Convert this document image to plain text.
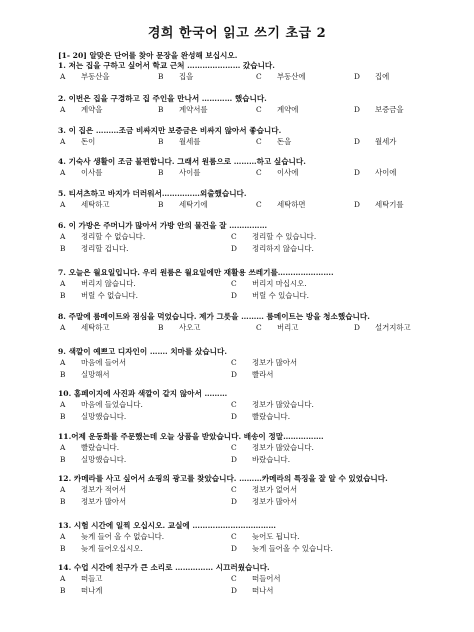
경희 한국어 읽고 쓰기 초급 2
[1- 20] 알맞은 단어를 찾아 문장을 완성해 보십시오.
1. 저는 집을 구하고 싶어서 학교 근처 ………………… 갔습니다.
A	부동산을	B	집을	C	부동산에	D	집에
2. 이번은 집을 구경하고 집 주인을 만나서 ………… 했습니다.
A	계약을	B	계약서를	C	계약에	D	보증금을
3. 이 집은 ………조금 비싸지만 보증금은 비싸지 않아서 좋습니다.
A	돈이	B	월세를	C	돈을	D	월세가
4. 기숙사 생활이 조금 불편합니다. 그래서 원룸으로 ………하고 싶습니다.
A	이사를	B	사이를	C	이사에	D	사이에
5. 티셔츠하고 바지가 더러워서……………외출했습니다.
A	세탁하고	B	세탁기에	C	세탁하면	D	세탁기를
6. 이 가방은 주머니가 많아서 가방 안의 물건을 잘 ……………
A	정리할 수 없습니다.	C	정리할 수 있습니다.
B	정리할 겁니다.	D	정리하지 않습니다.
7. 오늘은 월요일입니다. 우리 원룸은 월요일에만 재활용 쓰레기를………………….
A	버리지 않습니다.	C	버리지 마십시오.
B	버릴 수 없습니다.	D	버릴 수 있습니다.
8. 주말에 룸메이트와 점심을 먹었습니다. 제가 그릇을 ……… 룸메이트는 방을 청소했습니다.
A	세탁하고	B	사오고	C	버리고	D	설거지하고
9. 색깔이 예쁘고 디자인이 ……. 치마를 샀습니다.
A	마음에 들어서	C	정보가 많아서
B	실망해서	D	빨라서
10. 홈페이지에 사진과 색깔이 같지 않아서 ………
A	마음에 들었습니다.	C	정보가 많았습니다.
B	실망했습니다.	D	빨랐습니다.
11.어제 운동화를 주문했는데 오늘 상품을 받았습니다. 배송이 정말…………….
A	빨랐습니다.	C	정보가 많았습니다.
B	실망했습니다.	D	바랐습니다.
12. 카메라를 사고 싶어서 쇼핑의 광고를 찾았습니다. ………카메라의 특징을 잘 알 수 있었습니다.
A	정보가 적어서	C	정보가 없어서
B	정보가 많아서	D	정보가 많아서
13. 시험 시간에 일찍 오십시오. 교실에 ……………………………
A	늦게 들어 올 수 없습니다.	C	늦어도 됩니다.
B	늦게 들어오십시오.	D	늦게 들어올 수 있습니다.
14. 수업 시간에 친구가 큰 소리로 …………… 시끄러웠습니다.
A	떠들고	C	떠들어서
B	떠나게	D	떠나서
